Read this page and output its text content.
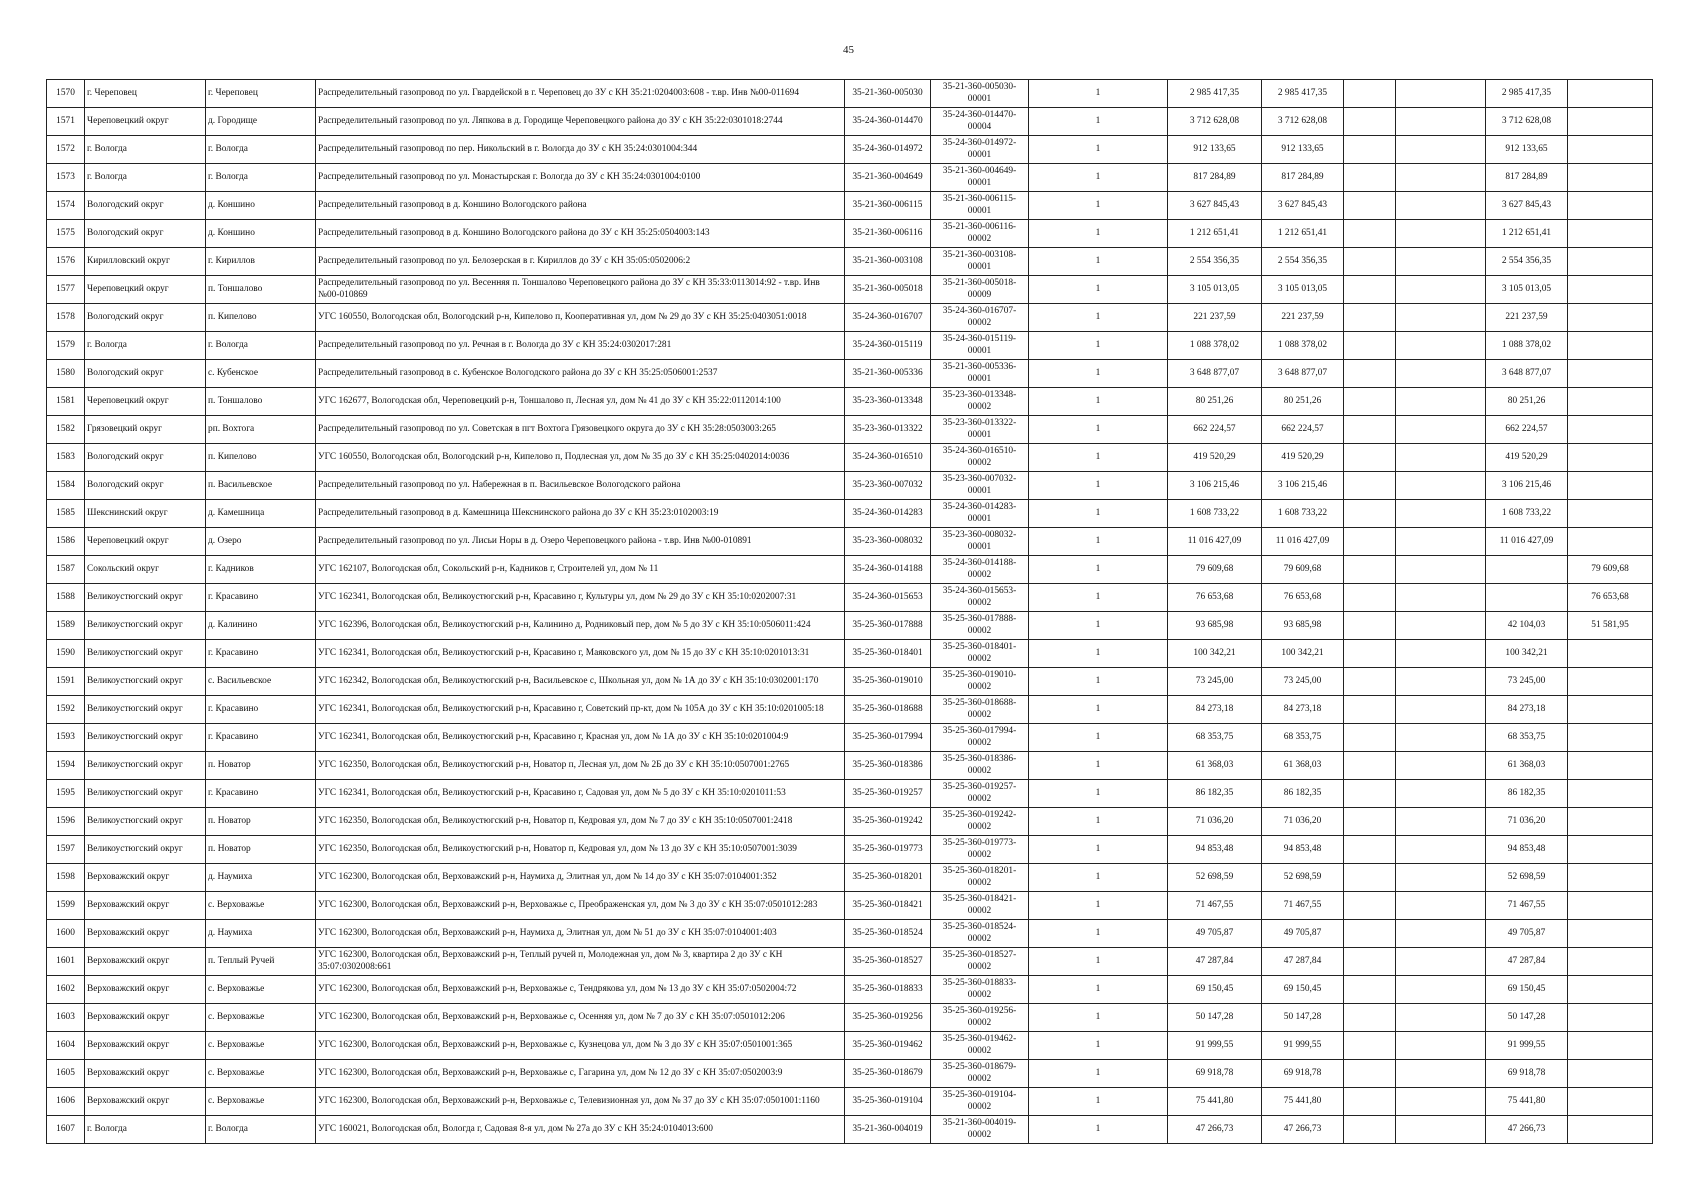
45
1570	г. Череповец	г. Череповец	Распределительный газопровод по ул. Гвардейской в г. Череповец до ЗУ с КН 35:21:0204003:608 - т.вр. Инв №00-011694	35-21-360-005030	35-21-360-005030-00001	1	2 985 417,35	2 985 417,35			2 985 417,35	
1571	Череповецкий округ	д. Городище	Распределительный газопровод по ул. Ляпкова в д. Городище Череповецкого района до ЗУ с КН 35:22:0301018:2744	35-24-360-014470	35-24-360-014470-00004	1	3 712 628,08	3 712 628,08			3 712 628,08	
1572	г. Вологда	г. Вологда	Распределительный газопровод по пер. Никольский в г. Вологда до ЗУ с КН 35:24:0301004:344	35-24-360-014972	35-24-360-014972-00001	1	912 133,65	912 133,65			912 133,65	
1573	г. Вологда	г. Вологда	Распределительный газопровод по ул. Монастырская г. Вологда до ЗУ с КН 35:24:0301004:0100	35-21-360-004649	35-21-360-004649-00001	1	817 284,89	817 284,89			817 284,89	
1574	Вологодский округ	д. Коншино	Распределительный газопровод в д. Коншино Вологодского района	35-21-360-006115	35-21-360-006115-00001	1	3 627 845,43	3 627 845,43			3 627 845,43	
1575	Вологодский округ	д. Коншино	Распределительный газопровод в д. Коншино Вологодского района до ЗУ с КН 35:25:0504003:143	35-21-360-006116	35-21-360-006116-00002	1	1 212 651,41	1 212 651,41			1 212 651,41	
1576	Кирилловский округ	г. Кириллов	Распределительный газопровод по ул. Белозерская в г. Кириллов до ЗУ с КН 35:05:0502006:2	35-21-360-003108	35-21-360-003108-00001	1	2 554 356,35	2 554 356,35			2 554 356,35	
1577	Череповецкий округ	п. Тоншалово	Распределительный газопровод по ул. Весенняя п. Тоншалово Череповецкого района до ЗУ с КН 35:33:0113014:92 - т.вр. Инв №00-010869	35-21-360-005018	35-21-360-005018-00009	1	3 105 013,05	3 105 013,05			3 105 013,05	
1578	Вологодский округ	п. Кипелово	УГС 160550, Вологодская обл, Вологодский р-н, Кипелово п, Кооперативная ул, дом № 29 до ЗУ с КН 35:25:0403051:0018	35-24-360-016707	35-24-360-016707-00002	1	221 237,59	221 237,59			221 237,59	
1579	г. Вологда	г. Вологда	Распределительный газопровод по ул. Речная в г. Вологда до ЗУ с КН 35:24:0302017:281	35-24-360-015119	35-24-360-015119-00001	1	1 088 378,02	1 088 378,02			1 088 378,02	
1580	Вологодский округ	с. Кубенское	Распределительный газопровод в с. Кубенское Вологодского района до ЗУ с КН 35:25:0506001:2537	35-21-360-005336	35-21-360-005336-00001	1	3 648 877,07	3 648 877,07			3 648 877,07	
1581	Череповецкий округ	п. Тоншалово	УГС 162677, Вологодская обл, Череповецкий р-н, Тоншалово п, Лесная ул, дом № 41 до ЗУ с КН 35:22:0112014:100	35-23-360-013348	35-23-360-013348-00002	1	80 251,26	80 251,26			80 251,26	
1582	Грязовецкий округ	рп. Вохтога	Распределительный газопровод по ул. Советская в пгт Вохтога Грязовецкого округа до ЗУ с КН 35:28:0503003:265	35-23-360-013322	35-23-360-013322-00001	1	662 224,57	662 224,57			662 224,57	
1583	Вологодский округ	п. Кипелово	УГС 160550, Вологодская обл, Вологодский р-н, Кипелово п, Подлесная ул, дом № 35 до ЗУ с КН 35:25:0402014:0036	35-24-360-016510	35-24-360-016510-00002	1	419 520,29	419 520,29			419 520,29	
1584	Вологодский округ	п. Васильевское	Распределительный газопровод по ул. Набережная в п. Васильевское Вологодского района	35-23-360-007032	35-23-360-007032-00001	1	3 106 215,46	3 106 215,46			3 106 215,46	
1585	Шекснинский округ	д. Камешница	Распределительный газопровод в д. Камешница Шекснинского района до ЗУ с КН 35:23:0102003:19	35-24-360-014283	35-24-360-014283-00001	1	1 608 733,22	1 608 733,22			1 608 733,22	
1586	Череповецкий округ	д. Озеро	Распределительный газопровод по ул. Лисьи Норы в д. Озеро Череповецкого района - т.вр. Инв №00-010891	35-23-360-008032	35-23-360-008032-00001	1	11 016 427,09	11 016 427,09			11 016 427,09	
1587	Сокольский округ	г. Кадников	УГС 162107, Вологодская обл, Сокольский р-н, Кадников г, Строителей ул, дом № 11	35-24-360-014188	35-24-360-014188-00002	1	79 609,68	79 609,68				79 609,68
1588	Великоустюгский округ	г. Красавино	УГС 162341, Вологодская обл, Великоустюгский р-н, Красавино г, Культуры ул, дом № 29 до ЗУ с КН 35:10:0202007:31	35-24-360-015653	35-24-360-015653-00002	1	76 653,68	76 653,68				76 653,68
1589	Великоустюгский округ	д. Калинино	УГС 162396, Вологодская обл, Великоустюгский р-н, Калинино д, Родниковый пер, дом № 5 до ЗУ с КН 35:10:0506011:424	35-25-360-017888	35-25-360-017888-00002	1	93 685,98	93 685,98			42 104,03	51 581,95
1590	Великоустюгский округ	г. Красавино	УГС 162341, Вологодская обл, Великоустюгский р-н, Красавино г, Маяковского ул, дом № 15 до ЗУ с КН 35:10:0201013:31	35-25-360-018401	35-25-360-018401-00002	1	100 342,21	100 342,21			100 342,21	
1591	Великоустюгский округ	с. Васильевское	УГС 162342, Вологодская обл, Великоустюгский р-н, Васильевское с, Школьная ул, дом № 1А до ЗУ с КН 35:10:0302001:170	35-25-360-019010	35-25-360-019010-00002	1	73 245,00	73 245,00			73 245,00	
1592	Великоустюгский округ	г. Красавино	УГС 162341, Вологодская обл, Великоустюгский р-н, Красавино г, Советский пр-кт, дом № 105А до ЗУ с КН 35:10:0201005:18	35-25-360-018688	35-25-360-018688-00002	1	84 273,18	84 273,18			84 273,18	
1593	Великоустюгский округ	г. Красавино	УГС 162341, Вологодская обл, Великоустюгский р-н, Красавино г, Красная ул, дом № 1А до ЗУ с КН 35:10:0201004:9	35-25-360-017994	35-25-360-017994-00002	1	68 353,75	68 353,75			68 353,75	
1594	Великоустюгский округ	п. Новатор	УГС 162350, Вологодская обл, Великоустюгский р-н, Новатор п, Лесная ул, дом № 2Б до ЗУ с КН 35:10:0507001:2765	35-25-360-018386	35-25-360-018386-00002	1	61 368,03	61 368,03			61 368,03	
1595	Великоустюгский округ	г. Красавино	УГС 162341, Вологодская обл, Великоустюгский р-н, Красавино г, Садовая ул, дом № 5 до ЗУ с КН 35:10:0201011:53	35-25-360-019257	35-25-360-019257-00002	1	86 182,35	86 182,35			86 182,35	
1596	Великоустюгский округ	п. Новатор	УГС 162350, Вологодская обл, Великоустюгский р-н, Новатор п, Кедровая ул, дом № 7 до ЗУ с КН 35:10:0507001:2418	35-25-360-019242	35-25-360-019242-00002	1	71 036,20	71 036,20			71 036,20	
1597	Великоустюгский округ	п. Новатор	УГС 162350, Вологодская обл, Великоустюгский р-н, Новатор п, Кедровая ул, дом № 13 до ЗУ с КН 35:10:0507001:3039	35-25-360-019773	35-25-360-019773-00002	1	94 853,48	94 853,48			94 853,48	
1598	Верховажский округ	д. Наумиха	УГС 162300, Вологодская обл, Верховажский р-н, Наумиха д, Элитная ул, дом № 14 до ЗУ с КН 35:07:0104001:352	35-25-360-018201	35-25-360-018201-00002	1	52 698,59	52 698,59			52 698,59	
1599	Верховажский округ	с. Верховажье	УГС 162300, Вологодская обл, Верховажский р-н, Верховажье с, Преображенская ул, дом № 3 до ЗУ с КН 35:07:0501012:283	35-25-360-018421	35-25-360-018421-00002	1	71 467,55	71 467,55			71 467,55	
1600	Верховажский округ	д. Наумиха	УГС 162300, Вологодская обл, Верховажский р-н, Наумиха д, Элитная ул, дом № 51 до ЗУ с КН 35:07:0104001:403	35-25-360-018524	35-25-360-018524-00002	1	49 705,87	49 705,87			49 705,87	
1601	Верховажский округ	п. Теплый Ручей	УГС 162300, Вологодская обл, Верховажский р-н, Теплый ручей п, Молодежная ул, дом № 3, квартира 2 до ЗУ с КН 35:07:0302008:661	35-25-360-018527	35-25-360-018527-00002	1	47 287,84	47 287,84			47 287,84	
1602	Верховажский округ	с. Верховажье	УГС 162300, Вологодская обл, Верховажский р-н, Верховажье с, Тендрякова ул, дом № 13 до ЗУ с КН 35:07:0502004:72	35-25-360-018833	35-25-360-018833-00002	1	69 150,45	69 150,45			69 150,45	
1603	Верховажский округ	с. Верховажье	УГС 162300, Вологодская обл, Верховажский р-н, Верховажье с, Осенняя ул, дом № 7 до ЗУ с КН 35:07:0501012:206	35-25-360-019256	35-25-360-019256-00002	1	50 147,28	50 147,28			50 147,28	
1604	Верховажский округ	с. Верховажье	УГС 162300, Вологодская обл, Верховажский р-н, Верховажье с, Кузнецова ул, дом № 3 до ЗУ с КН 35:07:0501001:365	35-25-360-019462	35-25-360-019462-00002	1	91 999,55	91 999,55			91 999,55	
1605	Верховажский округ	с. Верховажье	УГС 162300, Вологодская обл, Верховажский р-н, Верховажье с, Гагарина ул, дом № 12 до ЗУ с КН 35:07:0502003:9	35-25-360-018679	35-25-360-018679-00002	1	69 918,78	69 918,78			69 918,78	
1606	Верховажский округ	с. Верховажье	УГС 162300, Вологодская обл, Верховажский р-н, Верховажье с, Телевизионная ул, дом № 37 до ЗУ с КН 35:07:0501001:1160	35-25-360-019104	35-25-360-019104-00002	1	75 441,80	75 441,80			75 441,80	
1607	г. Вологда	г. Вологда	УГС 160021, Вологодская обл, Вологда г, Садовая 8-я ул, дом № 27а до ЗУ с КН 35:24:0104013:600	35-21-360-004019	35-21-360-004019-00002	1	47 266,73	47 266,73			47 266,73	
